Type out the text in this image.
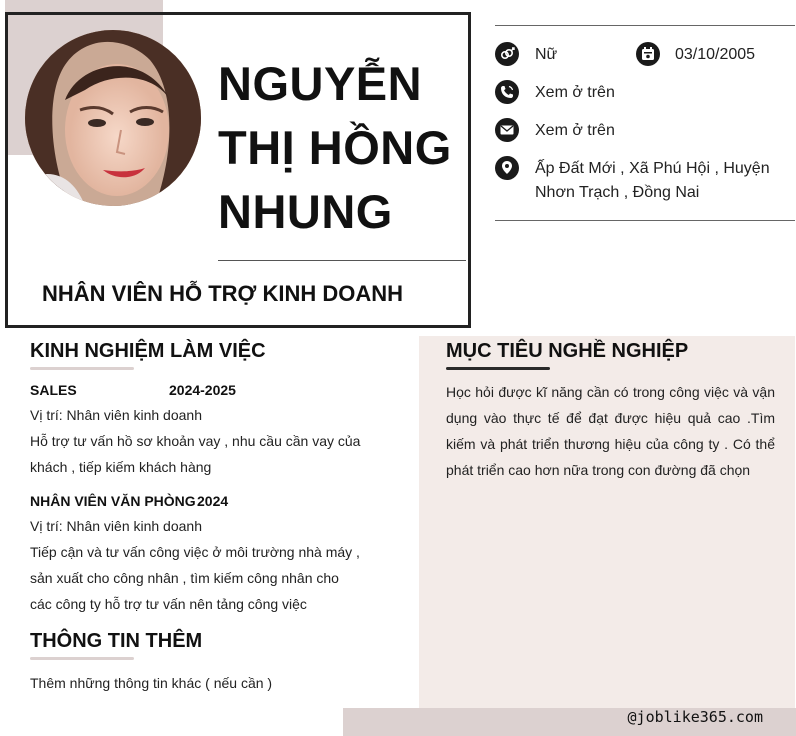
NGUYỄN
THỊ HỒNG
NHUNG
NHÂN VIÊN HỖ TRỢ KINH DOANH
Nữ	03/10/2005
Xem ở trên
Xem ở trên
Ấp Đất Mới , Xã Phú Hội , Huyện
Nhơn Trạch , Đồng Nai
KINH NGHIỆM LÀM VIỆC
SALES	2024-2025
Vị trí: Nhân viên kinh doanh
Hỗ trợ tư vấn hồ sơ khoản vay , nhu cầu cần vay của
khách , tiếp kiếm khách hàng
NHÂN VIÊN VĂN PHÒNG 2024
Vị trí: Nhân viên kinh doanh
Tiếp cận và tư vấn công việc ở môi trường nhà máy ,
sản xuất cho công nhân , tìm kiếm công nhân cho
các công ty hỗ trợ tư vấn nên tảng công việc
THÔNG TIN THÊM
Thêm những thông tin khác ( nếu cần )
MỤC TIÊU NGHỀ NGHIỆP
Học hỏi được kĩ năng cần có trong công việc và vận
dụng vào thực tế để đạt được hiệu quả cao .Tìm
kiếm và phát triển thương hiệu của công ty . Có thể
phát triển cao hơn nữa trong con đường đã chọn
@joblike365.com
